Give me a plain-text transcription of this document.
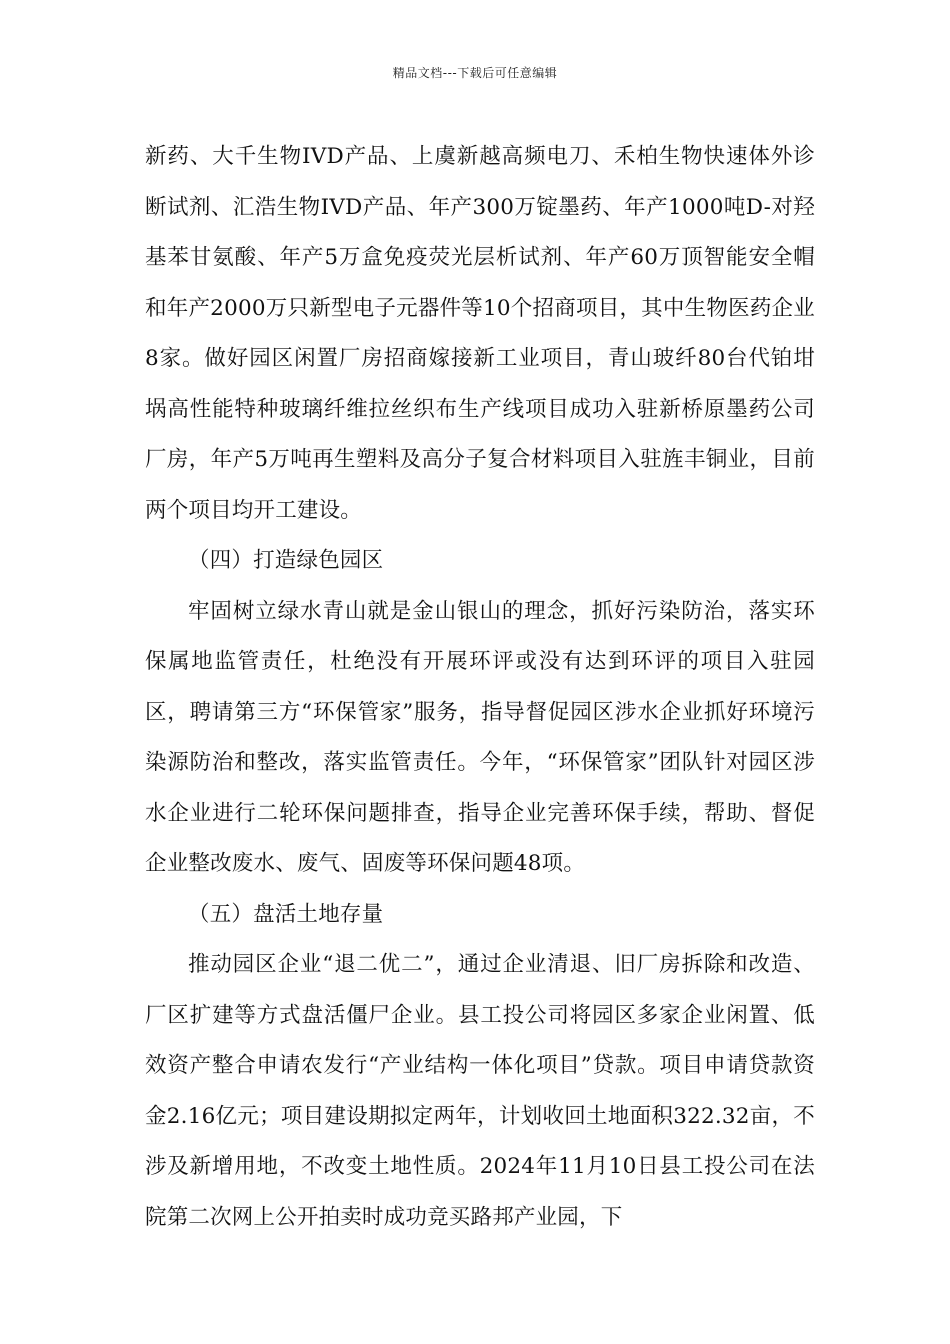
精品文档---下载后可任意编辑

新药、大千生物IVD产品、上虞新越高频电刀、禾柏生物快速体外诊断试剂、汇浩生物IVD产品、年产300万锭墨药、年产1000吨D-对羟基苯甘氨酸、年产5万盒免疫荧光层析试剂、年产60万顶智能安全帽和年产2000万只新型电子元器件等10个招商项目，其中生物医药企业8家。做好园区闲置厂房招商嫁接新工业项目，青山玻纤80台代铂坩埚高性能特种玻璃纤维拉丝织布生产线项目成功入驻新桥原墨药公司厂房，年产5万吨再生塑料及高分子复合材料项目入驻旌丰铜业，目前两个项目均开工建设。

（四）打造绿色园区

牢固树立绿水青山就是金山银山的理念，抓好污染防治，落实环保属地监管责任，杜绝没有开展环评或没有达到环评的项目入驻园区，聘请第三方“环保管家”服务，指导督促园区涉水企业抓好环境污染源防治和整改，落实监管责任。今年，“环保管家”团队针对园区涉水企业进行二轮环保问题排查，指导企业完善环保手续，帮助、督促企业整改废水、废气、固废等环保问题48项。

（五）盘活土地存量

推动园区企业“退二优二”，通过企业清退、旧厂房拆除和改造、厂区扩建等方式盘活僵尸企业。县工投公司将园区多家企业闲置、低效资产整合申请农发行“产业结构一体化项目”贷款。项目申请贷款资金2.16亿元；项目建设期拟定两年，计划收回土地面积322.32亩，不涉及新增用地，不改变土地性质。2024年11月10日县工投公司在法院第二次网上公开拍卖时成功竞买路邦产业园，下
